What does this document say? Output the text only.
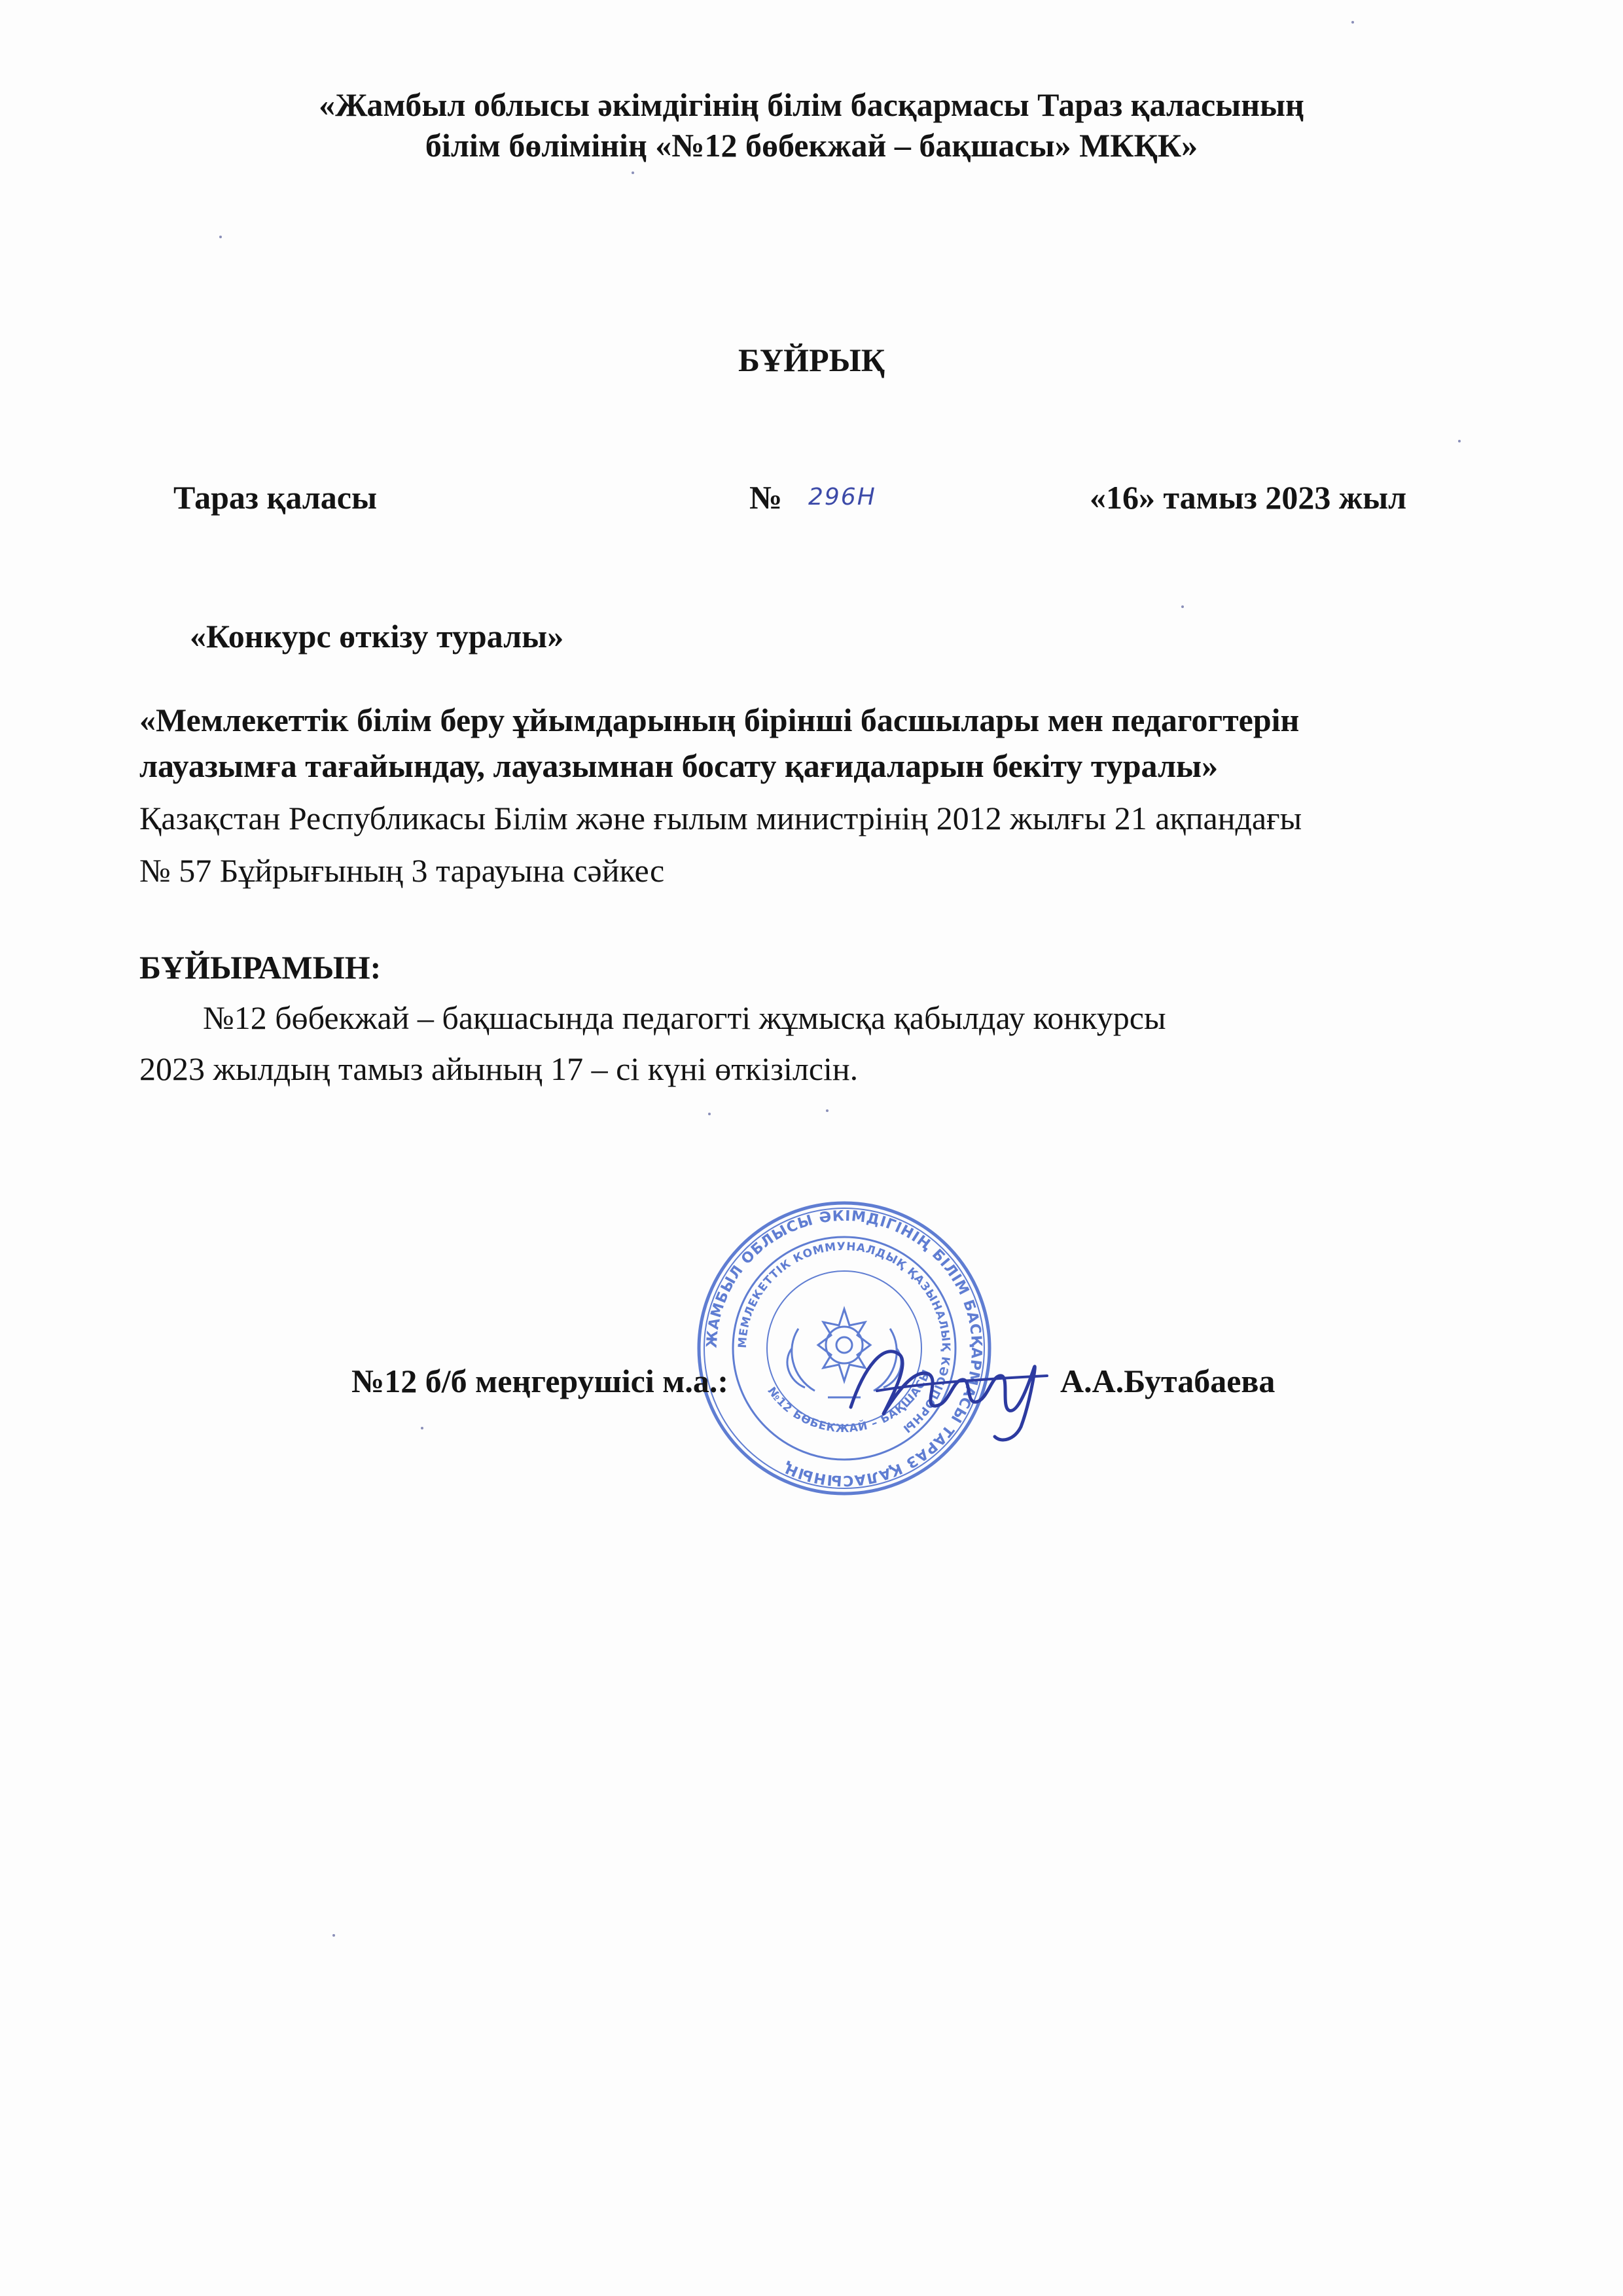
«Жамбыл облысы әкімдігінің білім басқармасы Тараз қаласының
білім бөлімінің «№12 бөбекжай – бақшасы» МКҚК»
БҰЙРЫҚ
Тараз қаласы	№ 296Н	«16» тамыз 2023 жыл
«Конкурс өткізу туралы»
«Мемлекеттік білім беру ұйымдарының бірінші басшылары мен педагогтерін
лауазымға тағайындау, лауазымнан босату қағидаларын бекіту туралы»
Қазақстан Республикасы Білім және ғылым министрінің 2012 жылғы 21 ақпандағы
№ 57 Бұйрығының 3 тарауына сәйкес
БҰЙЫРАМЫН:
№12 бөбекжай – бақшасында педагогті жұмысқа қабылдау конкурсы
2023 жылдың тамыз айының 17 – сі күні өткізілсін.
ЖАМБЫЛ ОБЛЫСЫ ӘКІМДІГІНІҢ БІЛІМ БАСҚАРМАСЫ ТАРАЗ ҚАЛАСЫНЫҢ
МЕМЛЕКЕТТІК КОММУНАЛДЫҚ ҚАЗЫНАЛЫҚ КӘСІПОРНЫ
№12 БӨБЕКЖАЙ – БАҚШАСЫ
№12 б/б меңгерушісі м.а.:	А.А.Бутабаева
